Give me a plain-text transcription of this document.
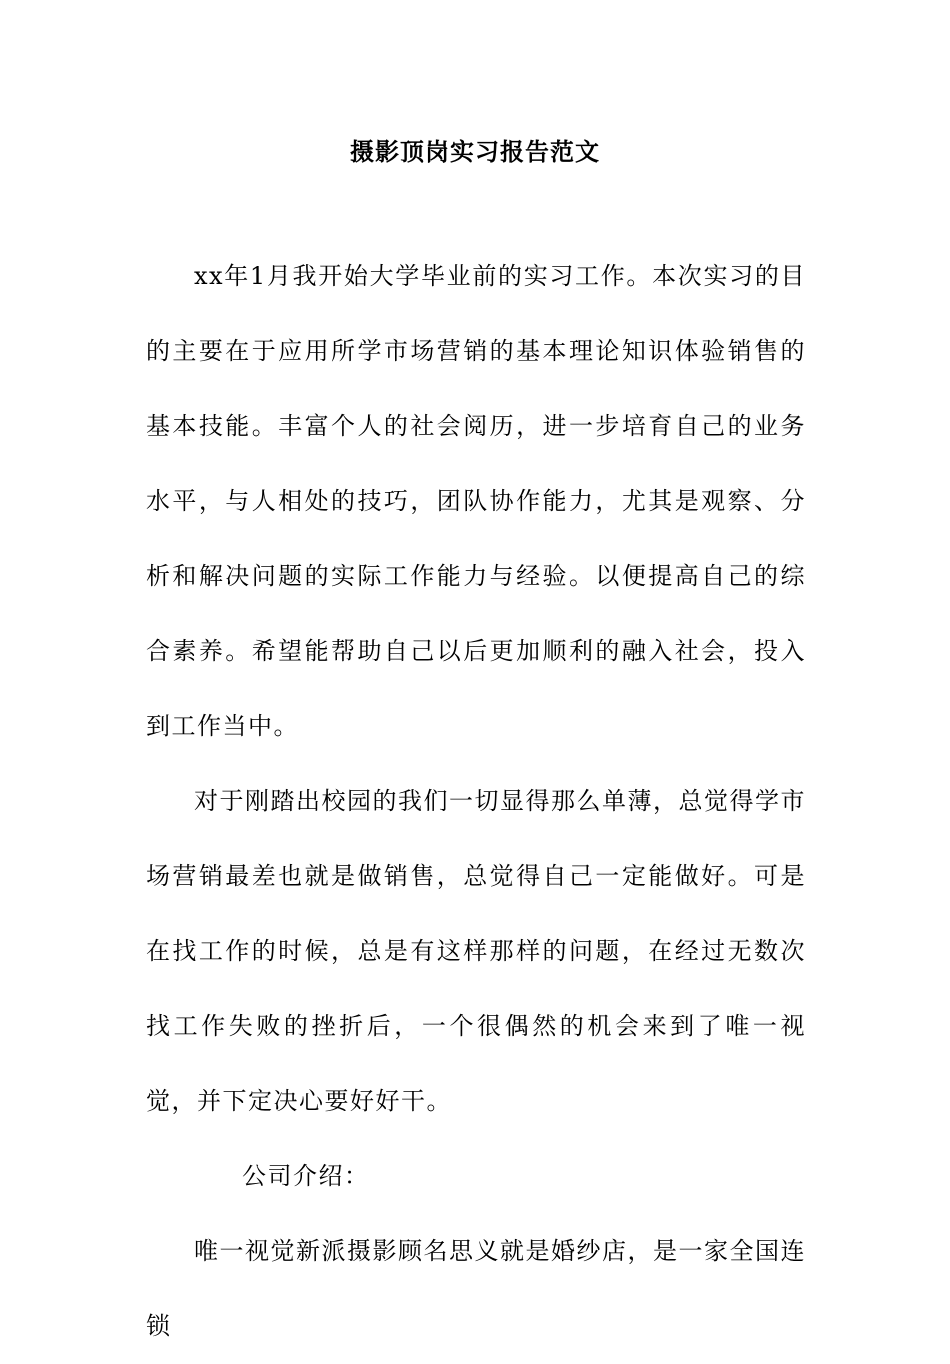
摄影顶岗实习报告范文

xx年1月我开始大学毕业前的实习工作。本次实习的目的主要在于应用所学市场营销的基本理论知识体验销售的基本技能。丰富个人的社会阅历，进一步培育自己的业务水平，与人相处的技巧，团队协作能力，尤其是观察、分析和解决问题的实际工作能力与经验。以便提高自己的综合素养。希望能帮助自己以后更加顺利的融入社会，投入到工作当中。

对于刚踏出校园的我们一切显得那么单薄，总觉得学市场营销最差也就是做销售，总觉得自己一定能做好。可是在找工作的时候，总是有这样那样的问题，在经过无数次找工作失败的挫折后，一个很偶然的机会来到了唯一视觉，并下定决心要好好干。

公司介绍：

唯一视觉新派摄影顾名思义就是婚纱店，是一家全国连锁
